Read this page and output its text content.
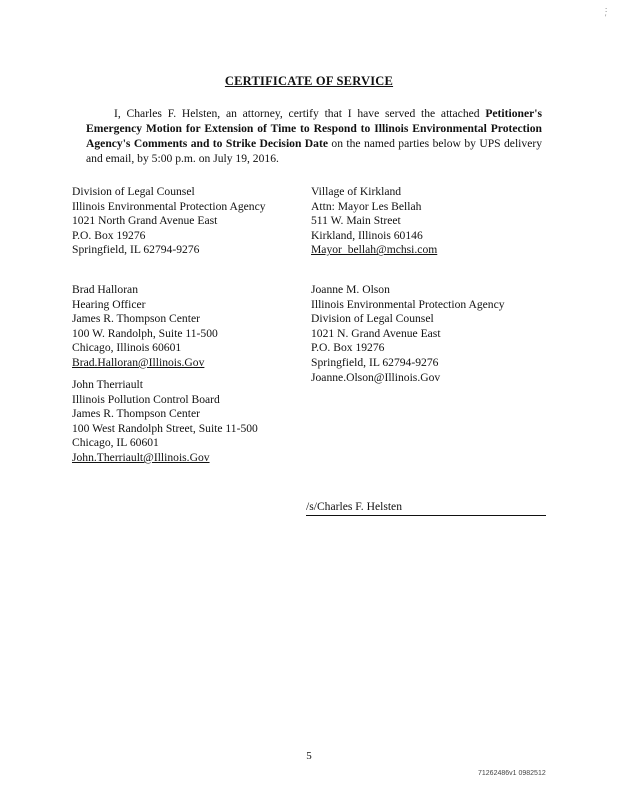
:
'
CERTIFICATE OF SERVICE
I, Charles F. Helsten, an attorney, certify that I have served the attached Petitioner's Emergency Motion for Extension of Time to Respond to Illinois Environmental Protection Agency's Comments and to Strike Decision Date on the named parties below by UPS delivery and email, by 5:00 p.m. on July 19, 2016.
Division of Legal Counsel
Illinois Environmental Protection Agency
1021 North Grand Avenue East
P.O. Box 19276
Springfield, IL 62794-9276
Village of Kirkland
Attn: Mayor Les Bellah
511 W. Main Street
Kirkland, Illinois 60146
Mayor_bellah@mchsi.com
Brad Halloran
Hearing Officer
James R. Thompson Center
100 W. Randolph, Suite 11-500
Chicago, Illinois 60601
Brad.Halloran@Illinois.Gov
Joanne M. Olson
Illinois Environmental Protection Agency
Division of Legal Counsel
1021 N. Grand Avenue East
P.O. Box 19276
Springfield, IL 62794-9276
Joanne.Olson@Illinois.Gov
John Therriault
Illinois Pollution Control Board
James R. Thompson Center
100 West Randolph Street, Suite 11-500
Chicago, IL 60601
John.Therriault@Illinois.Gov
/s/Charles F. Helsten
5
71262486v1 0982512
